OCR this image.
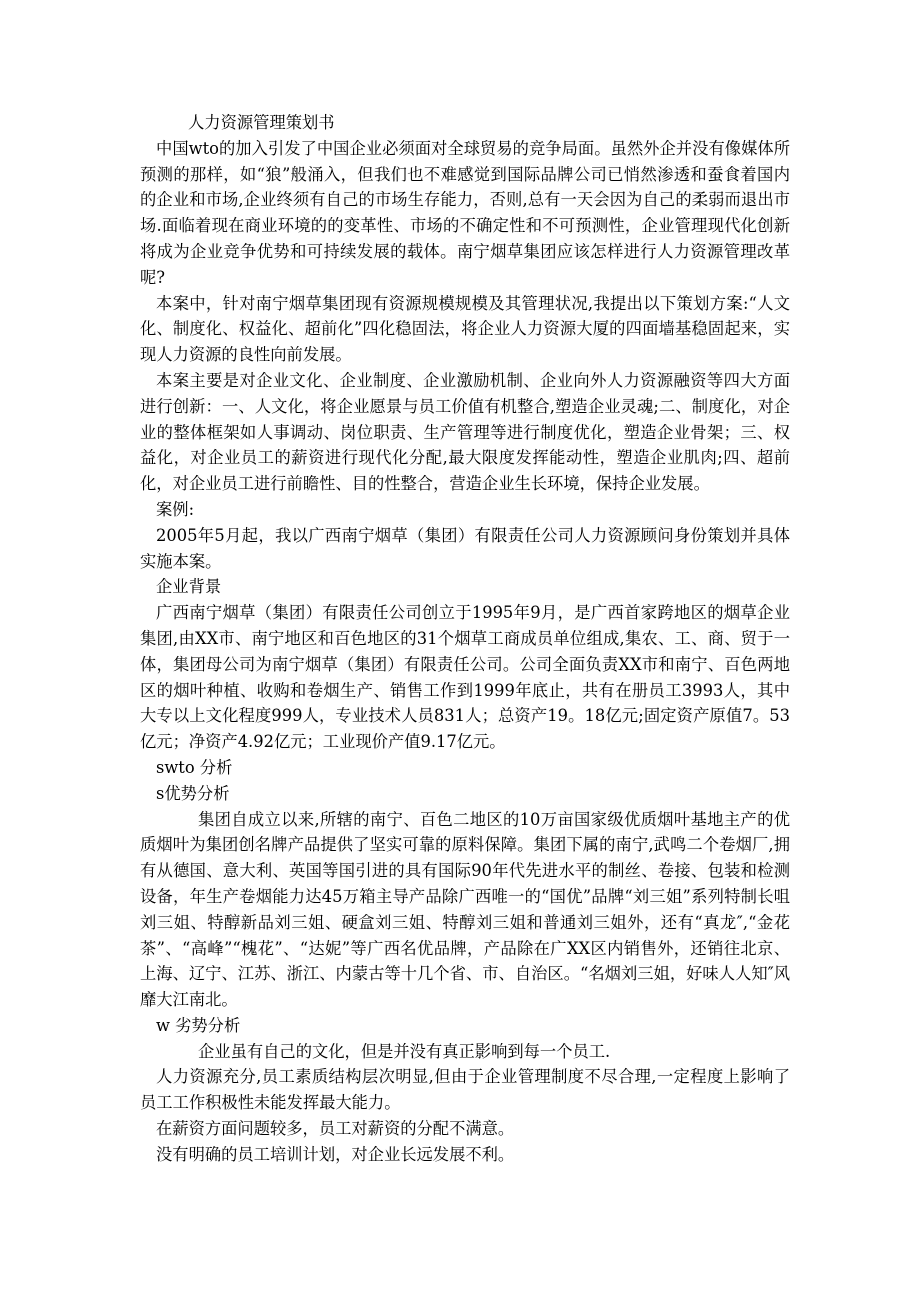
人力资源管理策划书

中国wto的加入引发了中国企业必须面对全球贸易的竞争局面。虽然外企并没有像媒体所预测的那样，如“狼”般涌入，但我们也不难感觉到国际品牌公司已悄然渗透和蚕食着国内的企业和市场,企业终须有自己的市场生存能力，否则,总有一天会因为自己的柔弱而退出市场.面临着现在商业环境的的变革性、市场的不确定性和不可预测性，企业管理现代化创新将成为企业竞争优势和可持续发展的载体。南宁烟草集团应该怎样进行人力资源管理改革呢?

本案中，针对南宁烟草集团现有资源规模规模及其管理状况,我提出以下策划方案:“人文化、制度化、权益化、超前化”四化稳固法，将企业人力资源大厦的四面墙基稳固起来，实现人力资源的良性向前发展。

本案主要是对企业文化、企业制度、企业激励机制、企业向外人力资源融资等四大方面进行创新：一、人文化，将企业愿景与员工价值有机整合,塑造企业灵魂;二、制度化，对企业的整体框架如人事调动、岗位职责、生产管理等进行制度优化，塑造企业骨架；三、权益化，对企业员工的薪资进行现代化分配,最大限度发挥能动性，塑造企业肌肉;四、超前化，对企业员工进行前瞻性、目的性整合，营造企业生长环境，保持企业发展。

案例:

2005年5月起，我以广西南宁烟草（集团）有限责任公司人力资源顾问身份策划并具体实施本案。

企业背景

广西南宁烟草（集团）有限责任公司创立于1995年9月，是广西首家跨地区的烟草企业集团,由XX市、南宁地区和百色地区的31个烟草工商成员单位组成,集农、工、商、贸于一体，集团母公司为南宁烟草（集团）有限责任公司。公司全面负责XX市和南宁、百色两地区的烟叶种植、收购和卷烟生产、销售工作到1999年底止，共有在册员工3993人，其中大专以上文化程度999人，专业技术人员831人；总资产19。18亿元;固定资产原值7。53亿元；净资产4.92亿元；工业现价产值9.17亿元。

swto 分析

s优势分析

集团自成立以来,所辖的南宁、百色二地区的10万亩国家级优质烟叶基地主产的优质烟叶为集团创名牌产品提供了坚实可靠的原料保障。集团下属的南宁,武鸣二个卷烟厂,拥有从德国、意大利、英国等国引进的具有国际90年代先进水平的制丝、卷接、包装和检测设备，年生产卷烟能力达45万箱主导产品除广西唯一的“国优”品牌“刘三姐”系列特制长咀刘三姐、特醇新品刘三姐、硬盒刘三姐、特醇刘三姐和普通刘三姐外，还有“真龙″,“金花茶”、“高峰”“槐花”、“达妮”等广西名优品牌，产品除在广XX区内销售外，还销往北京、上海、辽宁、江苏、浙江、内蒙古等十几个省、市、自治区。“名烟刘三姐，好味人人知″风靡大江南北。

w 劣势分析

企业虽有自己的文化，但是并没有真正影响到每一个员工.

人力资源充分,员工素质结构层次明显,但由于企业管理制度不尽合理,一定程度上影响了员工工作积极性未能发挥最大能力。

在薪资方面问题较多，员工对薪资的分配不满意。

没有明确的员工培训计划，对企业长远发展不利。
